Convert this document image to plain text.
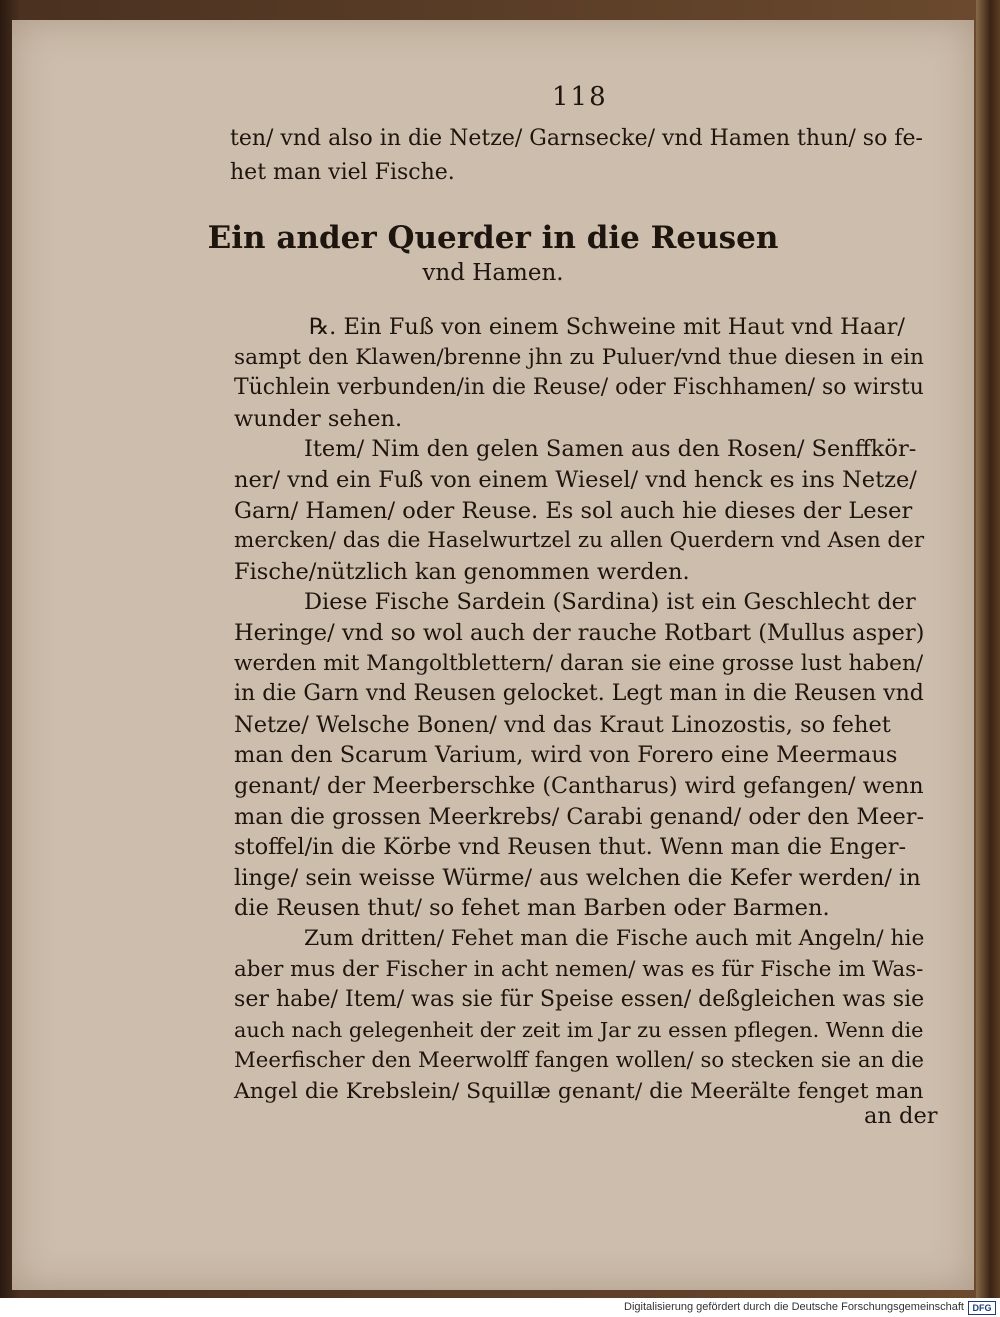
118
ten/ vnd also in die Netze/ Garnsecke/ vnd Hamen thun/ so fe-
het man viel Fische.
Ein ander Querder in die Reusen
vnd Hamen.
℞. Ein Fuß von einem Schweine mit Haut vnd Haar/
sampt den Klawen/brenne jhn zu Puluer/vnd thue diesen in ein
Tüchlein verbunden/in die Reuse/ oder Fischhamen/ so wirstu
wunder sehen.
Item/ Nim den gelen Samen aus den Rosen/ Senffkör-
ner/ vnd ein Fuß von einem Wiesel/ vnd henck es ins Netze/
Garn/ Hamen/ oder Reuse. Es sol auch hie dieses der Leser
mercken/ das die Haselwurtzel zu allen Querdern vnd Asen der
Fische/nützlich kan genommen werden.
Diese Fische Sardein (Sardina) ist ein Geschlecht der
Heringe/ vnd so wol auch der rauche Rotbart (Mullus asper)
werden mit Mangoltblettern/ daran sie eine grosse lust haben/
in die Garn vnd Reusen gelocket. Legt man in die Reusen vnd
Netze/ Welsche Bonen/ vnd das Kraut Linozostis, so fehet
man den Scarum Varium, wird von Forero eine Meermaus
genant/ der Meerberschke (Cantharus) wird gefangen/ wenn
man die grossen Meerkrebs/ Carabi genand/ oder den Meer-
stoffel/in die Körbe vnd Reusen thut. Wenn man die Enger-
linge/ sein weisse Würme/ aus welchen die Kefer werden/ in
die Reusen thut/ so fehet man Barben oder Barmen.
Zum dritten/ Fehet man die Fische auch mit Angeln/ hie
aber mus der Fischer in acht nemen/ was es für Fische im Was-
ser habe/ Item/ was sie für Speise essen/ deßgleichen was sie
auch nach gelegenheit der zeit im Jar zu essen pflegen. Wenn die
Meerfischer den Meerwolff fangen wollen/ so stecken sie an die
Angel die Krebslein/ Squillæ genant/ die Meerälte fenget man
an der
Digitalisierung gefördert durch die Deutsche Forschungsgemeinschaft DFG
